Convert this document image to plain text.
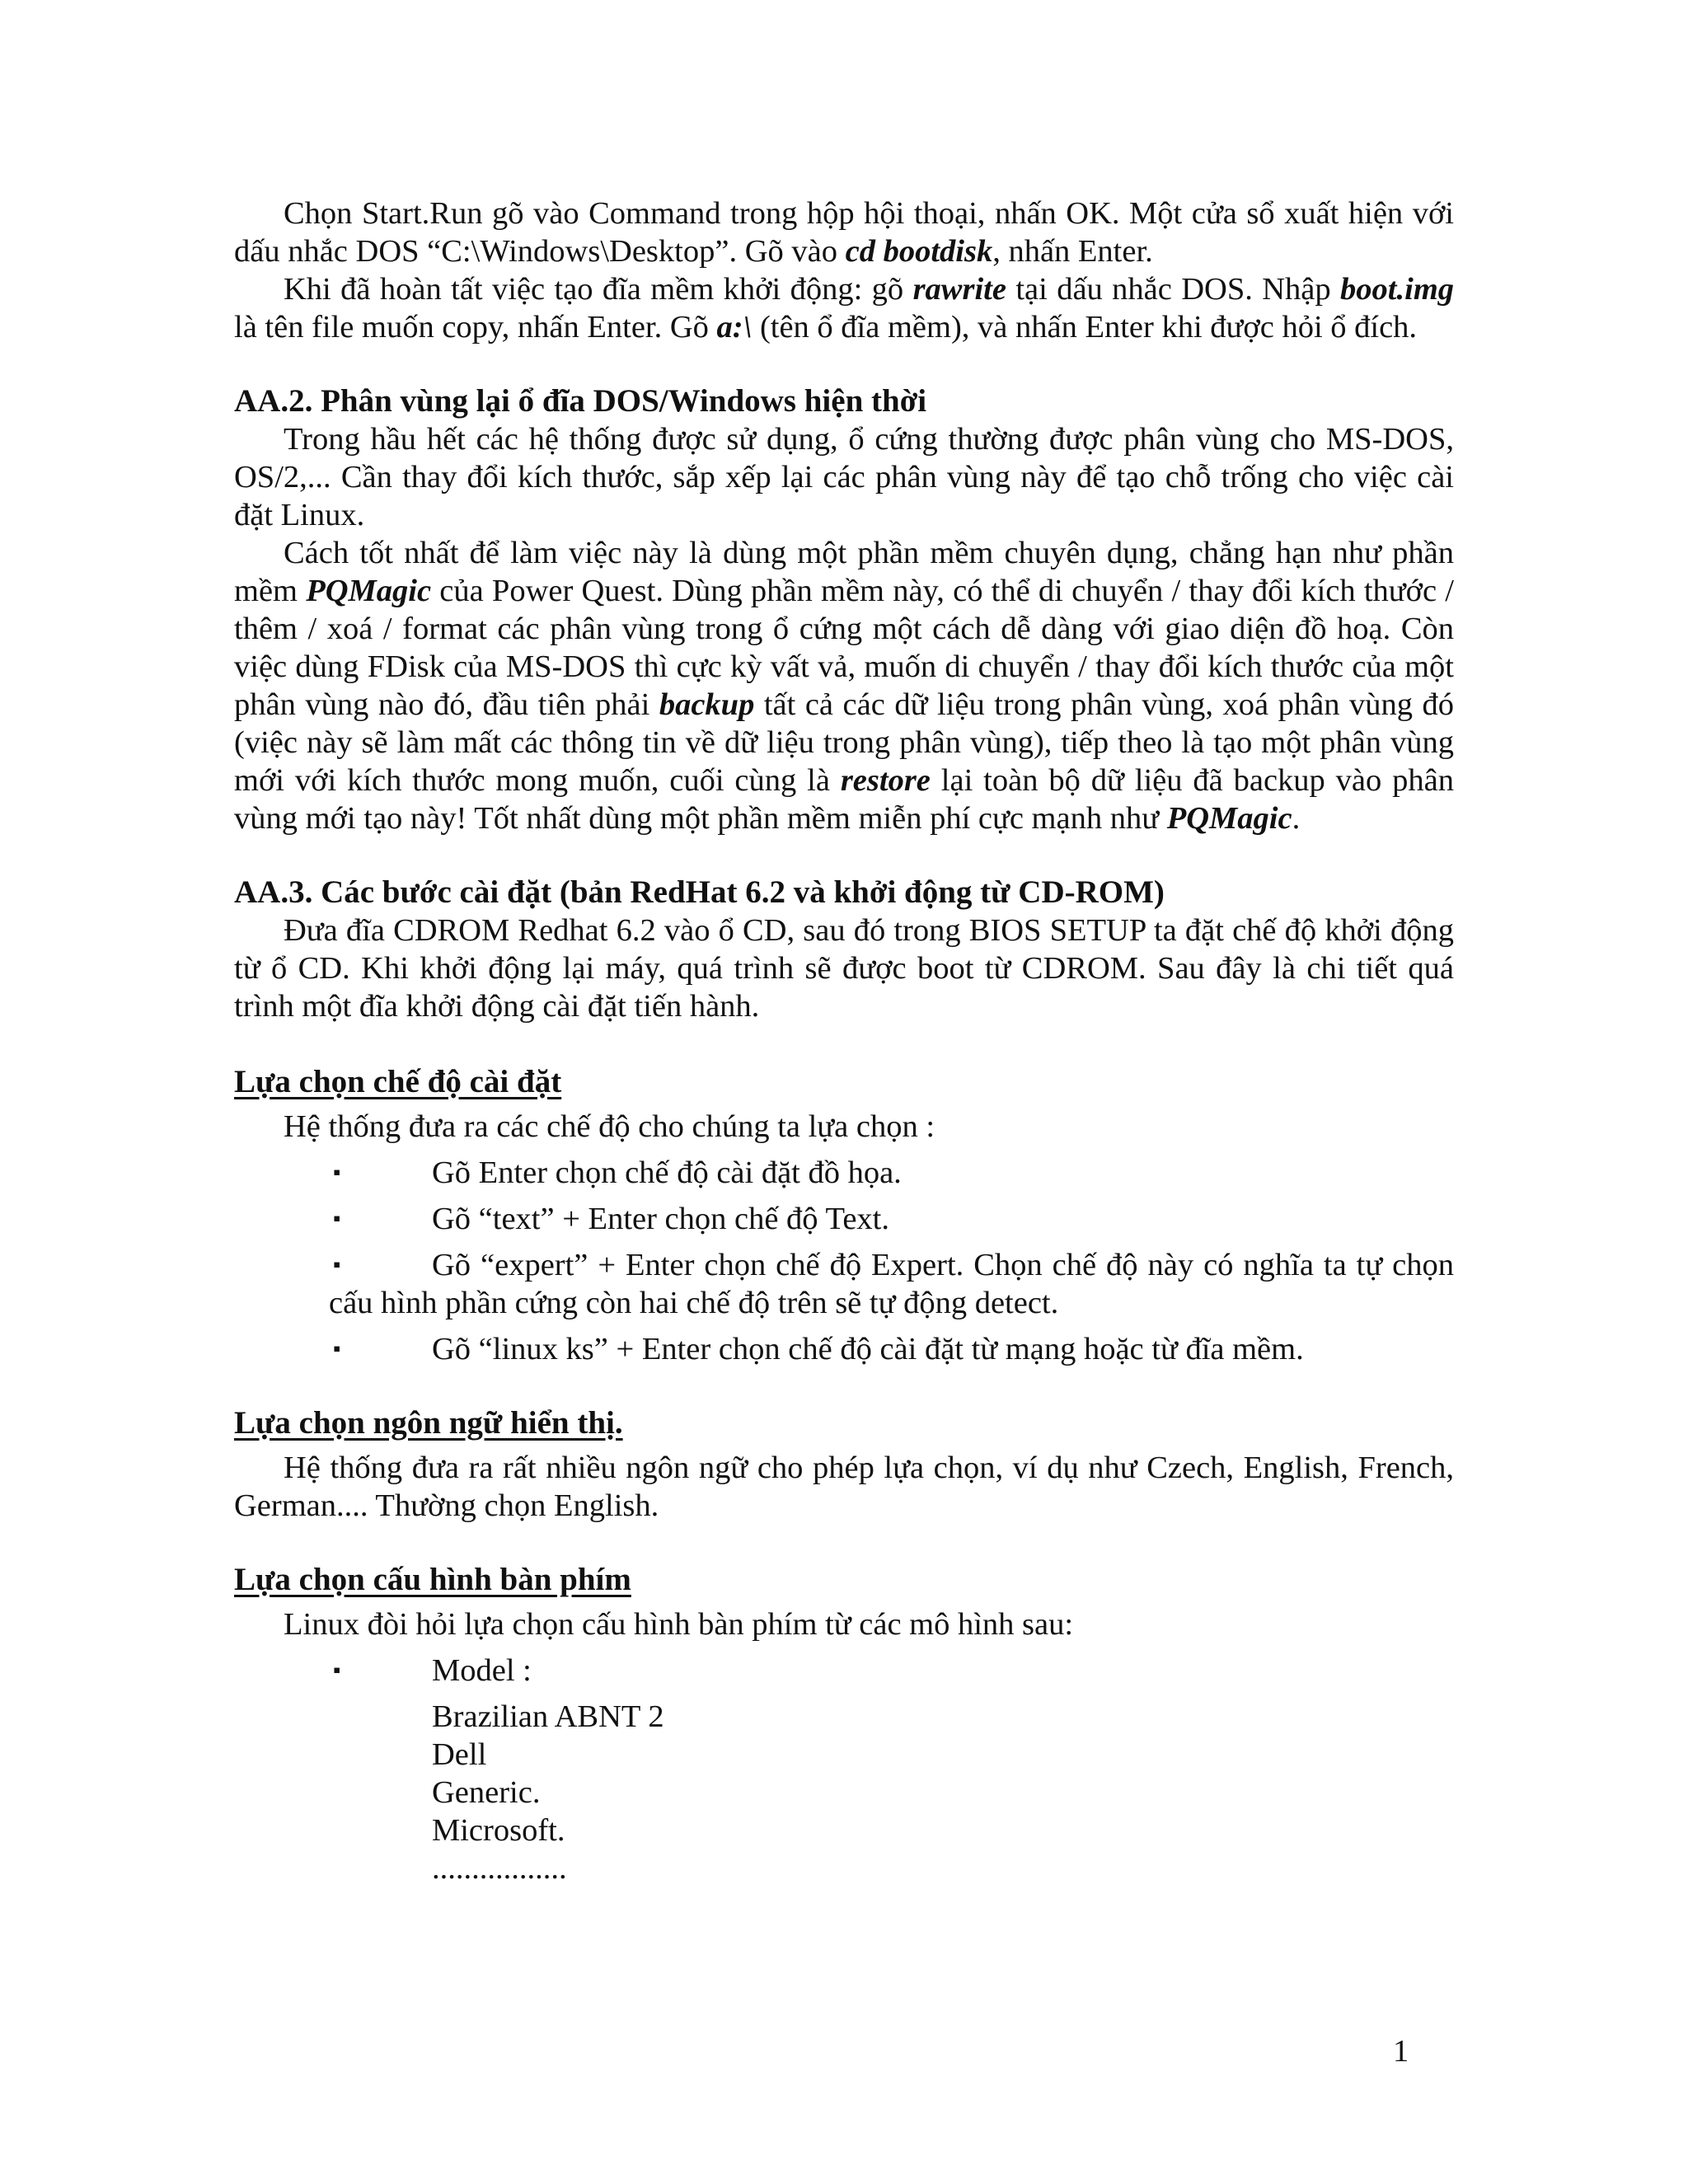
Chọn Start.Run gõ vào Command trong hộp hội thoại, nhấn OK. Một cửa sổ xuất hiện với dấu nhắc DOS “C:\Windows\Desktop”. Gõ vào cd bootdisk, nhấn Enter.

Khi đã hoàn tất việc tạo đĩa mềm khởi động: gõ rawrite tại dấu nhắc DOS. Nhập boot.img là tên file muốn copy, nhấn Enter. Gõ a:\ (tên ổ đĩa mềm), và nhấn Enter khi được hỏi ổ đích.

AA.2. Phân vùng lại ổ đĩa DOS/Windows hiện thời

Trong hầu hết các hệ thống được sử dụng, ổ cứng thường được phân vùng cho MS-DOS, OS/2,... Cần thay đổi kích thước, sắp xếp lại các phân vùng này để tạo chỗ trống cho việc cài đặt Linux.

Cách tốt nhất để làm việc này là dùng một phần mềm chuyên dụng, chẳng hạn như phần mềm PQMagic của Power Quest. Dùng phần mềm này, có thể di chuyển / thay đổi kích thước / thêm / xoá / format các phân vùng trong ổ cứng một cách dễ dàng với giao diện đồ hoạ. Còn việc dùng FDisk của MS-DOS thì cực kỳ vất vả, muốn di chuyển / thay đổi kích thước của một phân vùng nào đó, đầu tiên phải backup tất cả các dữ liệu trong phân vùng, xoá phân vùng đó (việc này sẽ làm mất các thông tin về dữ liệu trong phân vùng), tiếp theo là tạo một phân vùng mới với kích thước mong muốn, cuối cùng là restore lại toàn bộ dữ liệu đã backup vào phân vùng mới tạo này! Tốt nhất dùng một phần mềm miễn phí cực mạnh như PQMagic.

AA.3. Các bước cài đặt (bản RedHat 6.2 và khởi động từ CD-ROM)

Đưa đĩa CDROM Redhat 6.2 vào ổ CD, sau đó trong BIOS SETUP ta đặt chế độ khởi động từ ổ CD. Khi khởi động lại máy, quá trình sẽ được boot từ CDROM. Sau đây là chi tiết quá trình một đĩa khởi động cài đặt tiến hành.

Lựa chọn chế độ cài đặt

Hệ thống đưa ra các chế độ cho chúng ta lựa chọn :

▪	Gõ Enter chọn chế độ cài đặt đồ họa.
▪	Gõ “text” + Enter chọn chế độ Text.
▪	Gõ “expert” + Enter chọn chế độ Expert. Chọn chế độ này có nghĩa ta tự chọn cấu hình phần cứng còn hai chế độ trên sẽ tự động detect.
▪	Gõ “linux ks” + Enter chọn chế độ cài đặt từ mạng hoặc từ đĩa mềm.
Lựa chọn ngôn ngữ hiển thị.

Hệ thống đưa ra rất nhiều ngôn ngữ cho phép lựa chọn, ví dụ như Czech, English, French, German.... Thường chọn English.

Lựa chọn cấu hình bàn phím

Linux đòi hỏi lựa chọn cấu hình bàn phím từ các mô hình sau:

▪	Model :
Brazilian ABNT 2
Dell
Generic.
Microsoft.
.................
1
